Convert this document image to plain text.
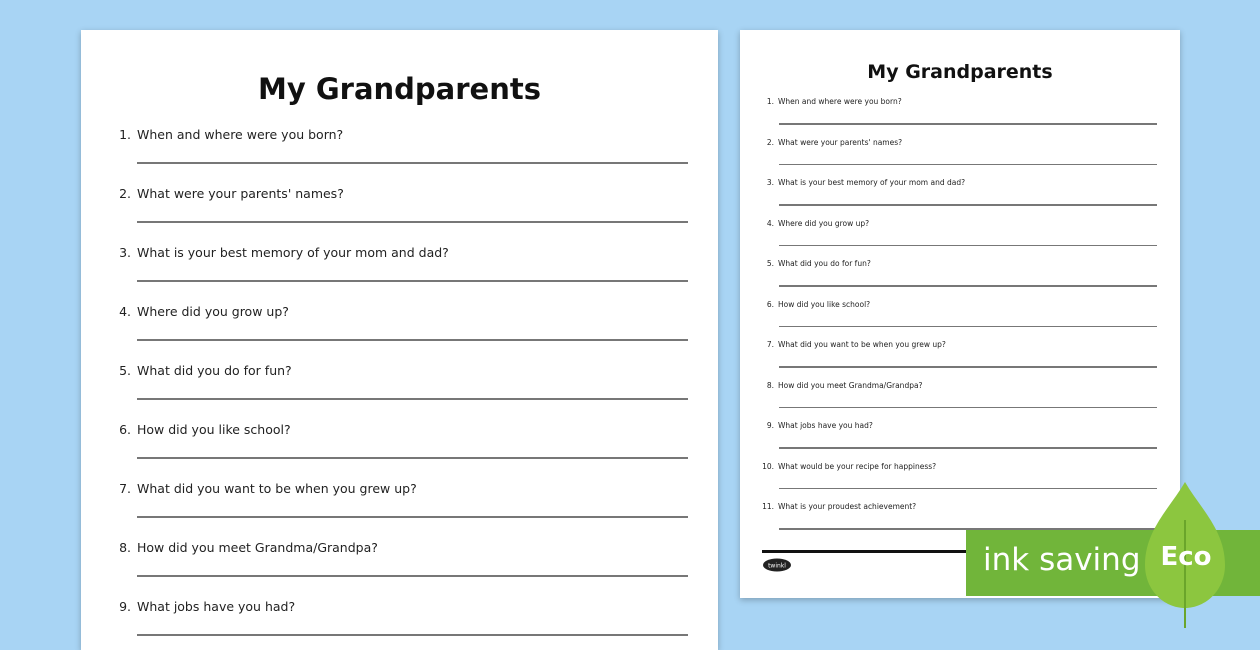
My Grandparents
1. When and where were you born?
2. What were your parents' names?
3. What is your best memory of your mom and dad?
4. Where did you grow up?
5. What did you do for fun?
6. How did you like school?
7. What did you want to be when you grew up?
8. How did you meet Grandma/Grandpa?
9. What jobs have you had?
My Grandparents
1. When and where were you born?
2. What were your parents' names?
3. What is your best memory of your mom and dad?
4. Where did you grow up?
5. What did you do for fun?
6. How did you like school?
7. What did you want to be when you grew up?
8. How did you meet Grandma/Grandpa?
9. What jobs have you had?
10. What would be your recipe for happiness?
11. What is your proudest achievement?
twinkl	ink saving Eco
